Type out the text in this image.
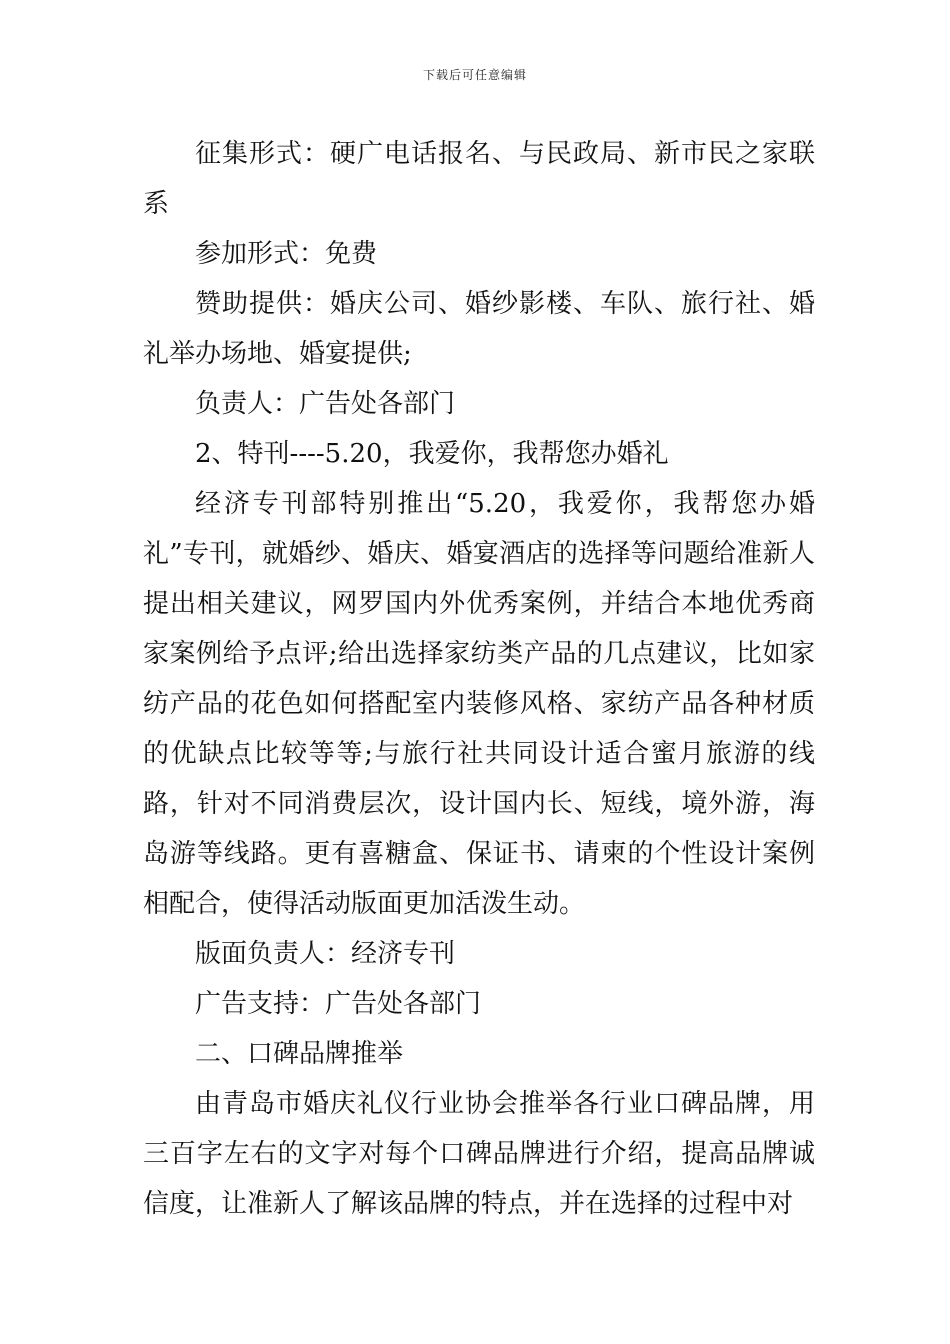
下载后可任意编辑

征集形式：硬广电话报名、与民政局、新市民之家联系

参加形式：免费

赞助提供：婚庆公司、婚纱影楼、车队、旅行社、婚礼举办场地、婚宴提供;

负责人：广告处各部门

2、特刊----5.20，我爱你，我帮您办婚礼

经济专刊部特别推出“5.20，我爱你，我帮您办婚礼”专刊，就婚纱、婚庆、婚宴酒店的选择等问题给准新人提出相关建议，网罗国内外优秀案例，并结合本地优秀商家案例给予点评;给出选择家纺类产品的几点建议，比如家纺产品的花色如何搭配室内装修风格、家纺产品各种材质的优缺点比较等等;与旅行社共同设计适合蜜月旅游的线路，针对不同消费层次，设计国内长、短线，境外游，海岛游等线路。更有喜糖盒、保证书、请柬的个性设计案例相配合，使得活动版面更加活泼生动。

版面负责人：经济专刊

广告支持：广告处各部门

二、口碑品牌推举

由青岛市婚庆礼仪行业协会推举各行业口碑品牌，用三百字左右的文字对每个口碑品牌进行介绍，提高品牌诚信度，让准新人了解该品牌的特点，并在选择的过程中对
